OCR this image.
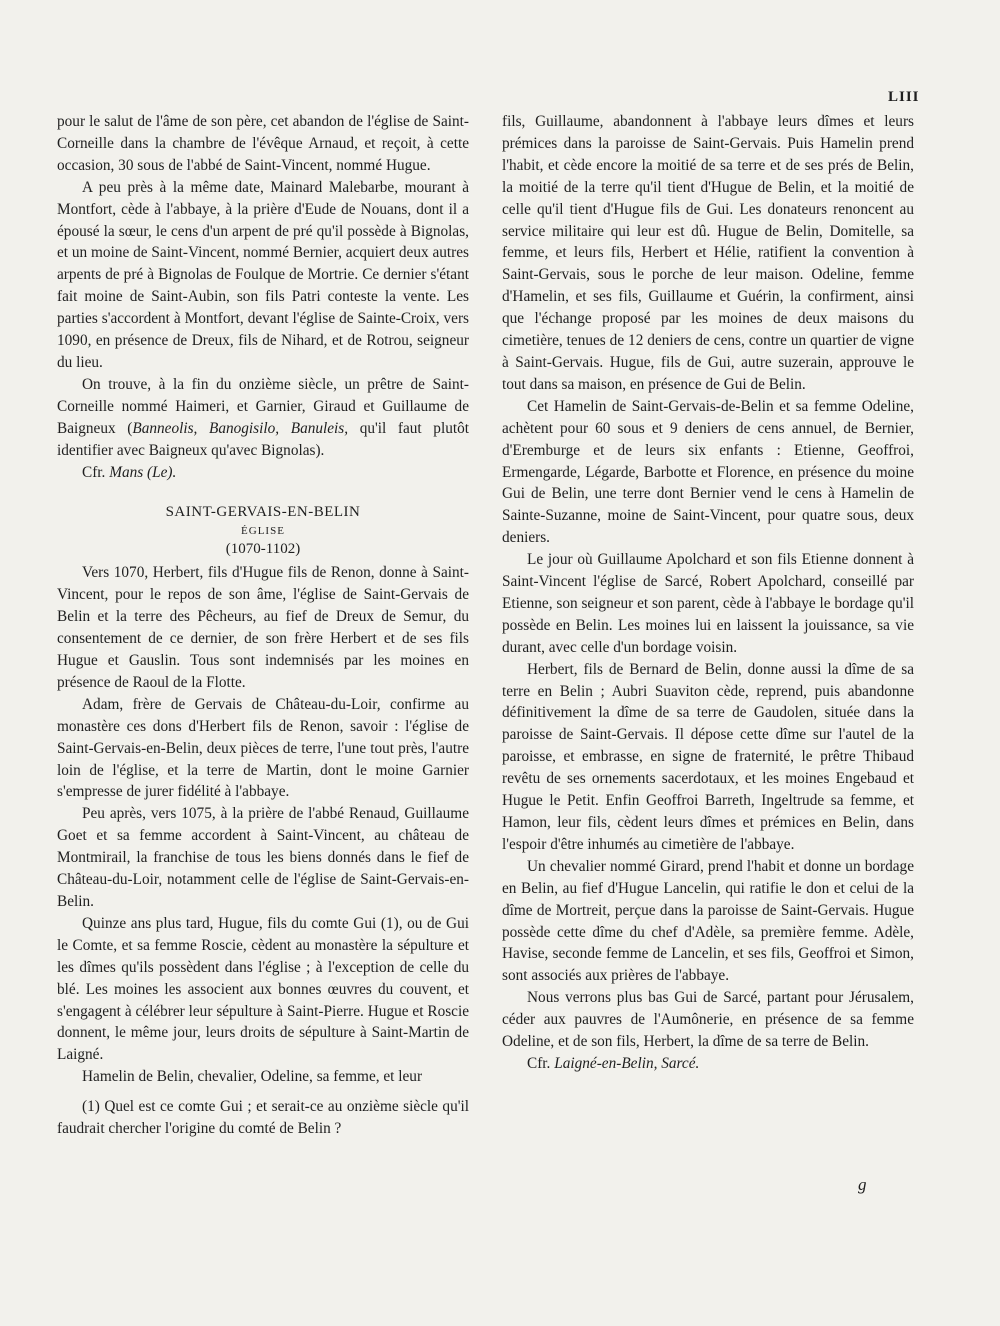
LIII

pour le salut de l'âme de son père, cet abandon de l'église de Saint-Corneille dans la chambre de l'évêque Arnaud, et reçoit, à cette occasion, 30 sous de l'abbé de Saint-Vincent, nommé Hugue.

A peu près à la même date, Mainard Malebarbe, mourant à Montfort, cède à l'abbaye, à la prière d'Eude de Nouans, dont il a épousé la sœur, le cens d'un arpent de pré qu'il possède à Bignolas, et un moine de Saint-Vincent, nommé Bernier, acquiert deux autres arpents de pré à Bignolas de Foulque de Mortrie. Ce dernier s'étant fait moine de Saint-Aubin, son fils Patri conteste la vente. Les parties s'accordent à Montfort, devant l'église de Sainte-Croix, vers 1090, en présence de Dreux, fils de Nihard, et de Rotrou, seigneur du lieu.

On trouve, à la fin du onzième siècle, un prêtre de Saint-Corneille nommé Haimeri, et Garnier, Giraud et Guillaume de Baigneux (Banneolis, Banogisilo, Banuleis, qu'il faut plutôt identifier avec Baigneux qu'avec Bignolas).

Cfr. Mans (Le).

SAINT-GERVAIS-EN-BELIN
ÉGLISE
(1070-1102)

Vers 1070, Herbert, fils d'Hugue fils de Renon, donne à Saint-Vincent, pour le repos de son âme, l'église de Saint-Gervais de Belin et la terre des Pêcheurs, au fief de Dreux de Semur, du consentement de ce dernier, de son frère Herbert et de ses fils Hugue et Gauslin. Tous sont indemnisés par les moines en présence de Raoul de la Flotte.

Adam, frère de Gervais de Château-du-Loir, confirme au monastère ces dons d'Herbert fils de Renon, savoir : l'église de Saint-Gervais-en-Belin, deux pièces de terre, l'une tout près, l'autre loin de l'église, et la terre de Martin, dont le moine Garnier s'empresse de jurer fidélité à l'abbaye.

Peu après, vers 1075, à la prière de l'abbé Renaud, Guillaume Goet et sa femme accordent à Saint-Vincent, au château de Montmirail, la franchise de tous les biens donnés dans le fief de Château-du-Loir, notamment celle de l'église de Saint-Gervais-en-Belin.

Quinze ans plus tard, Hugue, fils du comte Gui (1), ou de Gui le Comte, et sa femme Roscie, cèdent au monastère la sépulture et les dîmes qu'ils possèdent dans l'église ; à l'exception de celle du blé. Les moines les associent aux bonnes œuvres du couvent, et s'engagent à célébrer leur sépulture à Saint-Pierre. Hugue et Roscie donnent, le même jour, leurs droits de sépulture à Saint-Martin de Laigné.

Hamelin de Belin, chevalier, Odeline, sa femme, et leur

(1) Quel est ce comte Gui ; et serait-ce au onzième siècle qu'il faudrait chercher l'origine du comté de Belin ?

fils, Guillaume, abandonnent à l'abbaye leurs dîmes et leurs prémices dans la paroisse de Saint-Gervais. Puis Hamelin prend l'habit, et cède encore la moitié de sa terre et de ses prés de Belin, la moitié de la terre qu'il tient d'Hugue de Belin, et la moitié de celle qu'il tient d'Hugue fils de Gui. Les donateurs renoncent au service militaire qui leur est dû. Hugue de Belin, Domitelle, sa femme, et leurs fils, Herbert et Hélie, ratifient la convention à Saint-Gervais, sous le porche de leur maison. Odeline, femme d'Hamelin, et ses fils, Guillaume et Guérin, la confirment, ainsi que l'échange proposé par les moines de deux maisons du cimetière, tenues de 12 deniers de cens, contre un quartier de vigne à Saint-Gervais. Hugue, fils de Gui, autre suzerain, approuve le tout dans sa maison, en présence de Gui de Belin.

Cet Hamelin de Saint-Gervais-de-Belin et sa femme Odeline, achètent pour 60 sous et 9 deniers de cens annuel, de Bernier, d'Eremburge et de leurs six enfants : Etienne, Geoffroi, Ermengarde, Légarde, Barbotte et Florence, en présence du moine Gui de Belin, une terre dont Bernier vend le cens à Hamelin de Sainte-Suzanne, moine de Saint-Vincent, pour quatre sous, deux deniers.

Le jour où Guillaume Apolchard et son fils Etienne donnent à Saint-Vincent l'église de Sarcé, Robert Apolchard, conseillé par Etienne, son seigneur et son parent, cède à l'abbaye le bordage qu'il possède en Belin. Les moines lui en laissent la jouissance, sa vie durant, avec celle d'un bordage voisin.

Herbert, fils de Bernard de Belin, donne aussi la dîme de sa terre en Belin ; Aubri Suaviton cède, reprend, puis abandonne définitivement la dîme de sa terre de Gaudolen, située dans la paroisse de Saint-Gervais. Il dépose cette dîme sur l'autel de la paroisse, et embrasse, en signe de fraternité, le prêtre Thibaud revêtu de ses ornements sacerdotaux, et les moines Engebaud et Hugue le Petit. Enfin Geoffroi Barreth, Ingeltrude sa femme, et Hamon, leur fils, cèdent leurs dîmes et prémices en Belin, dans l'espoir d'être inhumés au cimetière de l'abbaye.

Un chevalier nommé Girard, prend l'habit et donne un bordage en Belin, au fief d'Hugue Lancelin, qui ratifie le don et celui de la dîme de Mortreit, perçue dans la paroisse de Saint-Gervais. Hugue possède cette dîme du chef d'Adèle, sa première femme. Adèle, Havise, seconde femme de Lancelin, et ses fils, Geoffroi et Simon, sont associés aux prières de l'abbaye.

Nous verrons plus bas Gui de Sarcé, partant pour Jérusalem, céder aux pauvres de l'Aumônerie, en présence de sa femme Odeline, et de son fils, Herbert, la dîme de sa terre de Belin.

Cfr. Laigné-en-Belin, Sarcé.

g
